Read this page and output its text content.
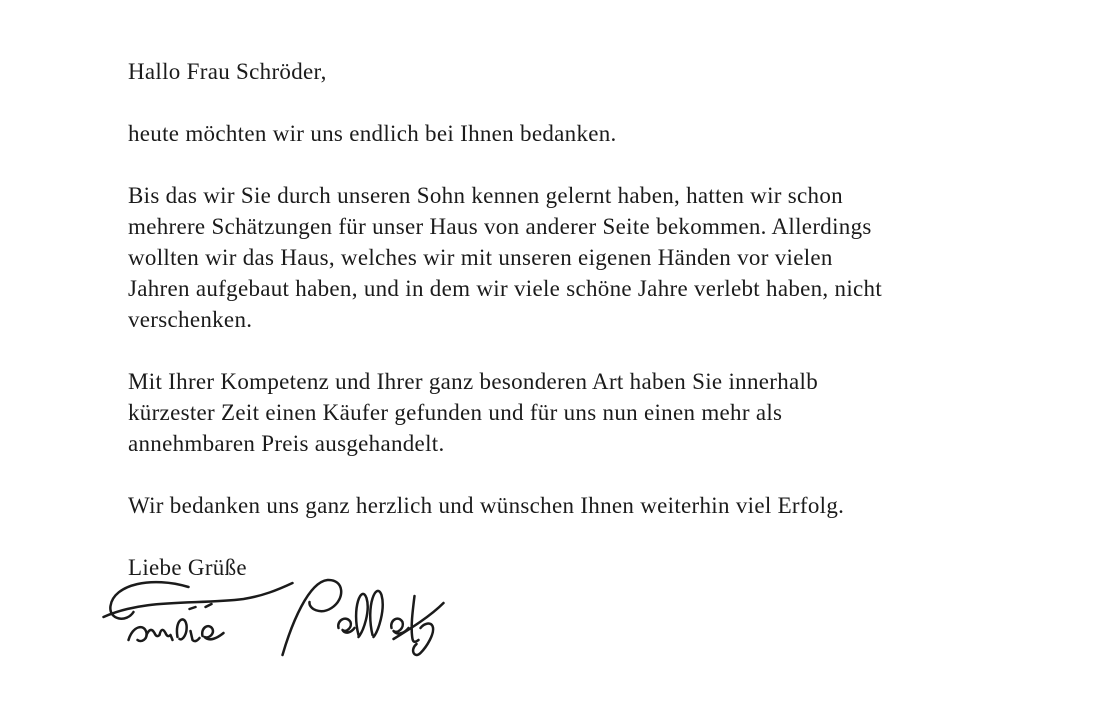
Hallo Frau Schröder,
heute möchten wir uns endlich bei Ihnen bedanken.
Bis das wir Sie durch unseren Sohn kennen gelernt haben, hatten wir schon
mehrere Schätzungen für unser Haus von anderer Seite bekommen. Allerdings
wollten wir das Haus, welches wir mit unseren eigenen Händen vor vielen
Jahren aufgebaut haben, und in dem wir viele schöne Jahre verlebt haben, nicht
verschenken.
Mit Ihrer Kompetenz und Ihrer ganz besonderen Art haben Sie innerhalb
kürzester Zeit einen Käufer gefunden und für uns nun einen mehr als
annehmbaren Preis ausgehandelt.
Wir bedanken uns ganz herzlich und wünschen Ihnen weiterhin viel Erfolg.
Liebe Grüße
